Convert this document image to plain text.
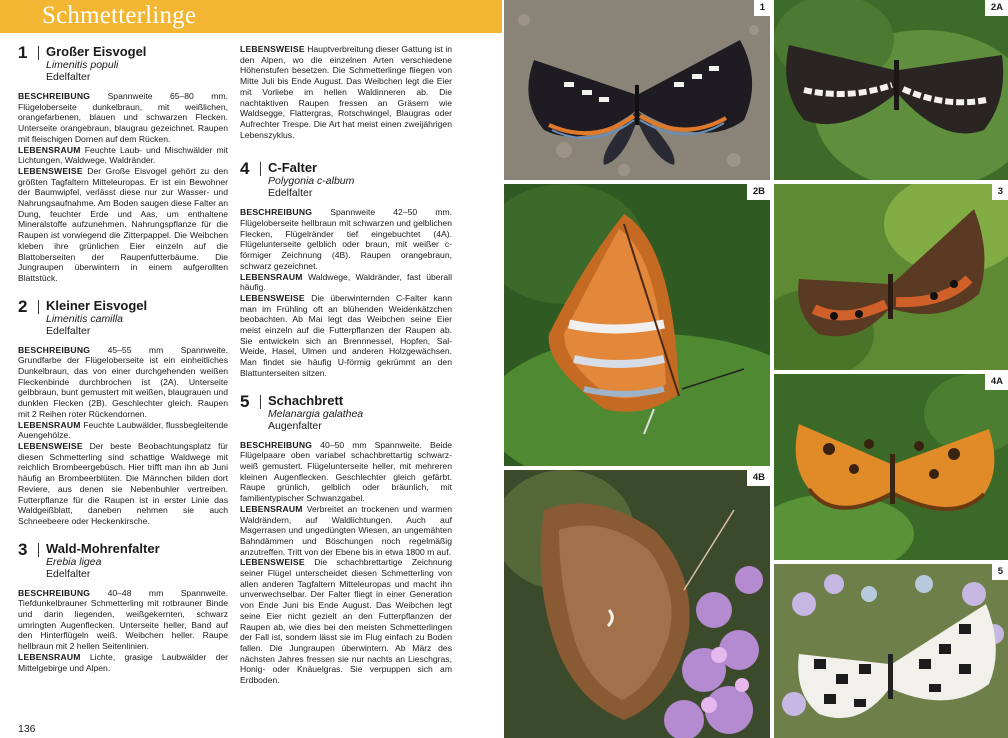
Schmetterlinge
1	Großer Eisvogel
Limenitis populi
Edelfalter

BESCHREIBUNG Spannweite 65–80 mm. Flügeloberseite dunkelbraun, mit weißlichen, orangefarbenen, blauen und schwarzen Flecken. Unterseite orangebraun, blaugrau gezeichnet. Raupen mit fleischigen Dornen auf dem Rücken.

LEBENSRAUM Feuchte Laub- und Mischwälder mit Lichtungen, Waldwege, Waldränder.

LEBENSWEISE Der Große Eisvogel gehört zu den größten Tagfaltern Mitteleuropas. Er ist ein Bewohner der Baumwipfel, verlässt diese nur zur Wasser- und Nahrungsaufnahme. Am Boden saugen diese Falter an Dung, feuchter Erde und Aas, um enthaltene Mineralstoffe aufzunehmen. Nahrungspflanze für die Raupen ist vorwiegend die Zitterpappel. Die Weibchen kleben ihre grünlichen Eier einzeln auf die Blattoberseiten der Raupenfutterbäume. Die Jungraupen überwintern in einem aufgerollten Blattstück.

2	Kleiner Eisvogel
Limenitis camilla
Edelfalter

BESCHREIBUNG 45–55 mm Spannweite. Grundfarbe der Flügeloberseite ist ein einheitliches Dunkelbraun, das von einer durchgehenden weißen Fleckenbinde durchbrochen ist (2A). Unterseite gelbbraun, bunt gemustert mit weißen, blaugrauen und dunklen Flecken (2B). Geschlechter gleich. Raupen mit 2 Reihen roter Rückendornen.

LEBENSRAUM Feuchte Laubwälder, flussbegleitende Auengehölze.

LEBENSWEISE Der beste Beobachtungsplatz für diesen Schmetterling sind schattige Waldwege mit reichlich Brombeergebüsch. Hier trifft man ihn ab Juni häufig an Brombeerblüten. Die Männchen bilden dort Reviere, aus denen sie Nebenbuhler vertreiben. Futterpflanze für die Raupen ist in erster Linie das Waldgeißblatt, daneben nehmen sie auch Schneebeere oder Heckenkirsche.

3	Wald-Mohrenfalter
Erebia ligea
Edelfalter

BESCHREIBUNG 40–48 mm Spannweite. Tiefdunkelbrauner Schmetterling mit rotbrauner Binde und darin liegenden, weißgekernten, schwarz umringten Augenflecken. Unterseite heller, Band auf den Hinterflügeln weiß. Weibchen heller. Raupe hellbraun mit 2 hellen Seitenlinien.

LEBENSRAUM Lichte, grasige Laubwälder der Mittelgebirge und Alpen.

LEBENSWEISE Hauptverbreitung dieser Gattung ist in den Alpen, wo die einzelnen Arten verschiedene Höhenstufen besetzen. Die Schmetterlinge fliegen von Mitte Juli bis Ende August. Das Weibchen legt die Eier mit Vorliebe im hellen Waldinneren ab. Die nachtaktiven Raupen fressen an Gräsern wie Waldsegge, Flattergras, Rotschwingel, Blaugras oder Aufrechter Trespe. Die Art hat meist einen zweijährigen Lebenszyklus.

4	C-Falter
Polygonia c-album
Edelfalter

BESCHREIBUNG Spannweite 42–50 mm. Flügeloberseite hellbraun mit schwarzen und gelblichen Flecken, Flügelränder tief eingebuchtet (4A). Flügelunterseite gelblich oder braun, mit weißer c-förmiger Zeichnung (4B). Raupen orangebraun, schwarz gezeichnet.

LEBENSRAUM Waldwege, Waldränder, fast überall häufig.

LEBENSWEISE Die überwinternden C-Falter kann man im Frühling oft an blühenden Weidenkätzchen beobachten. Ab Mai legt das Weibchen seine Eier meist einzeln auf die Futterpflanzen der Raupen ab. Sie entwickeln sich an Brennnessel, Hopfen, Sal-Weide, Hasel, Ulmen und anderen Holzgewächsen. Man findet sie häufig U-förmig gekrümmt an den Blattunterseiten sitzen.

5	Schachbrett
Melanargia galathea
Augenfalter

BESCHREIBUNG 40–50 mm Spannweite. Beide Flügelpaare oben variabel schachbrettartig schwarz-weiß gemustert. Flügelunterseite heller, mit mehreren kleinen Augenflecken. Geschlechter gleich gefärbt. Raupe grünlich, gelblich oder bräunlich, mit familientypischer Schwanzgabel.

LEBENSRAUM Verbreitet an trockenen und warmen Waldrändern, auf Waldlichtungen. Auch auf Magerrasen und ungedüngten Wiesen, an ungemähten Bahndämmen und Böschungen noch regelmäßig anzutreffen. Tritt von der Ebene bis in etwa 1800 m auf.

LEBENSWEISE Die schachbrettartige Zeichnung seiner Flügel unterscheidet diesen Schmetterling von allen anderen Tagfaltern Mitteleuropas und macht ihn unverwechselbar. Der Falter fliegt in einer Generation von Ende Juni bis Ende August. Das Weibchen legt seine Eier nicht gezielt an den Futterpflanzen der Raupen ab, wie dies bei den meisten Schmetterlingen der Fall ist, sondern lässt sie im Flug einfach zu Boden fallen. Die Jungraupen überwintern. Ab März des nächsten Jahres fressen sie nur nachts an Lieschgras, Honig- oder Knäuelgras. Sie verpuppen sich am Erdboden.

136
1	2A
2B	3
4A
4B
5
